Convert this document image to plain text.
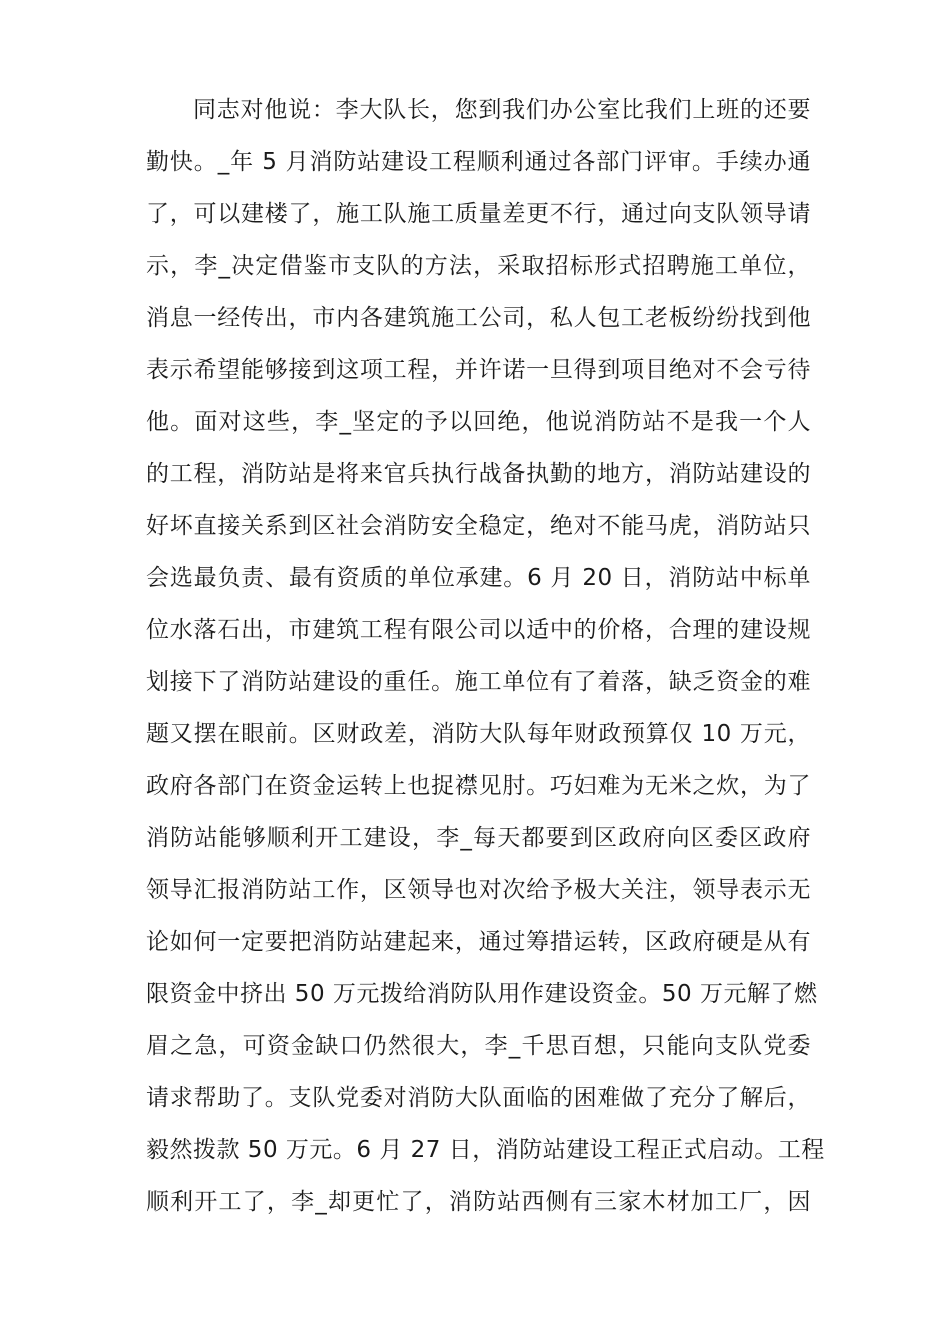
同志对他说：李大队长，您到我们办公室比我们上班的还要
勤快。_年 5 月消防站建设工程顺利通过各部门评审。手续办通
了，可以建楼了，施工队施工质量差更不行，通过向支队领导请
示，李_决定借鉴市支队的方法，采取招标形式招聘施工单位，
消息一经传出，市内各建筑施工公司，私人包工老板纷纷找到他
表示希望能够接到这项工程，并许诺一旦得到项目绝对不会亏待
他。面对这些，李_坚定的予以回绝，他说消防站不是我一个人
的工程，消防站是将来官兵执行战备执勤的地方，消防站建设的
好坏直接关系到区社会消防安全稳定，绝对不能马虎，消防站只
会选最负责、最有资质的单位承建。6 月 20 日，消防站中标单
位水落石出，市建筑工程有限公司以适中的价格，合理的建设规
划接下了消防站建设的重任。施工单位有了着落，缺乏资金的难
题又摆在眼前。区财政差，消防大队每年财政预算仅 10 万元，
政府各部门在资金运转上也捉襟见肘。巧妇难为无米之炊，为了
消防站能够顺利开工建设，李_每天都要到区政府向区委区政府
领导汇报消防站工作，区领导也对次给予极大关注，领导表示无
论如何一定要把消防站建起来，通过筹措运转，区政府硬是从有
限资金中挤出 50 万元拨给消防队用作建设资金。50 万元解了燃
眉之急，可资金缺口仍然很大，李_千思百想，只能向支队党委
请求帮助了。支队党委对消防大队面临的困难做了充分了解后，
毅然拨款 50 万元。6 月 27 日，消防站建设工程正式启动。工程
顺利开工了，李_却更忙了，消防站西侧有三家木材加工厂，因
